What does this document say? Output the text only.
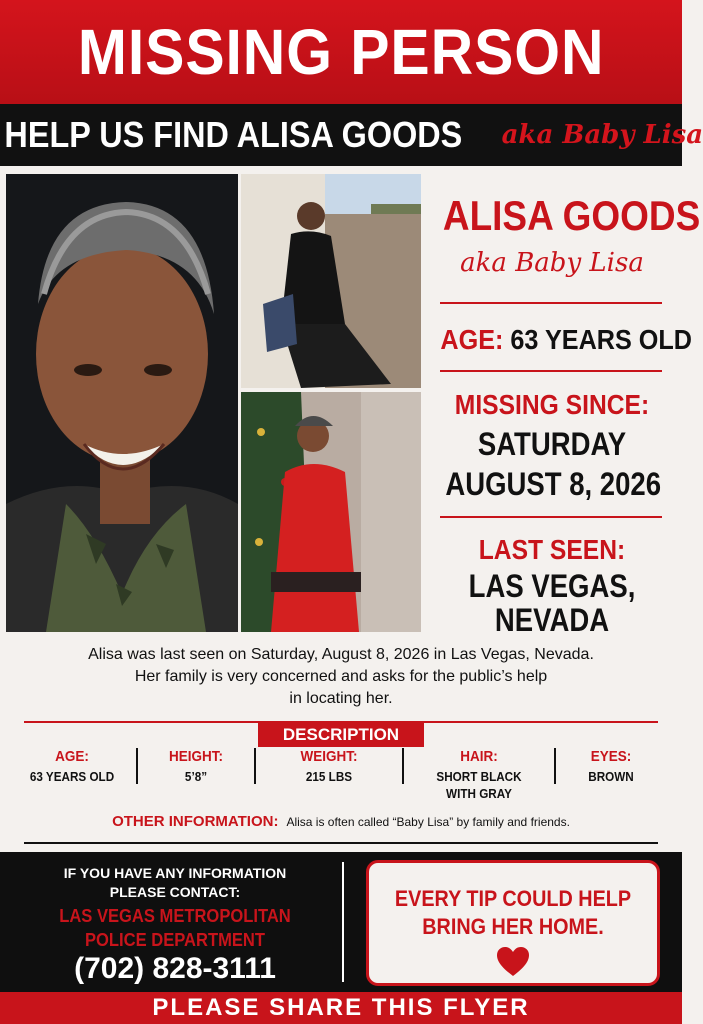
MISSING PERSON
HELP US FIND ALISA GOODS aka Baby Lisa
ALISA GOODS
aka Baby Lisa
AGE: 63 YEARS OLD
MISSING SINCE:
SATURDAY
AUGUST 8, 2026
LAST SEEN:
LAS VEGAS,
NEVADA
Alisa was last seen on Saturday, August 8, 2026 in Las Vegas, Nevada.
Her family is very concerned and asks for the public’s help
in locating her.
DESCRIPTION
AGE:
63 YEARS OLD
HEIGHT:
5’8”
WEIGHT:
215 LBS
HAIR:
SHORT BLACK WITH GRAY
EYES:
BROWN
OTHER INFORMATION: Alisa is often called “Baby Lisa” by family and friends.
IF YOU HAVE ANY INFORMATION
PLEASE CONTACT:
LAS VEGAS METROPOLITAN
POLICE DEPARTMENT
(702) 828-3111
EVERY TIP COULD HELP
BRING HER HOME.
PLEASE SHARE THIS FLYER
